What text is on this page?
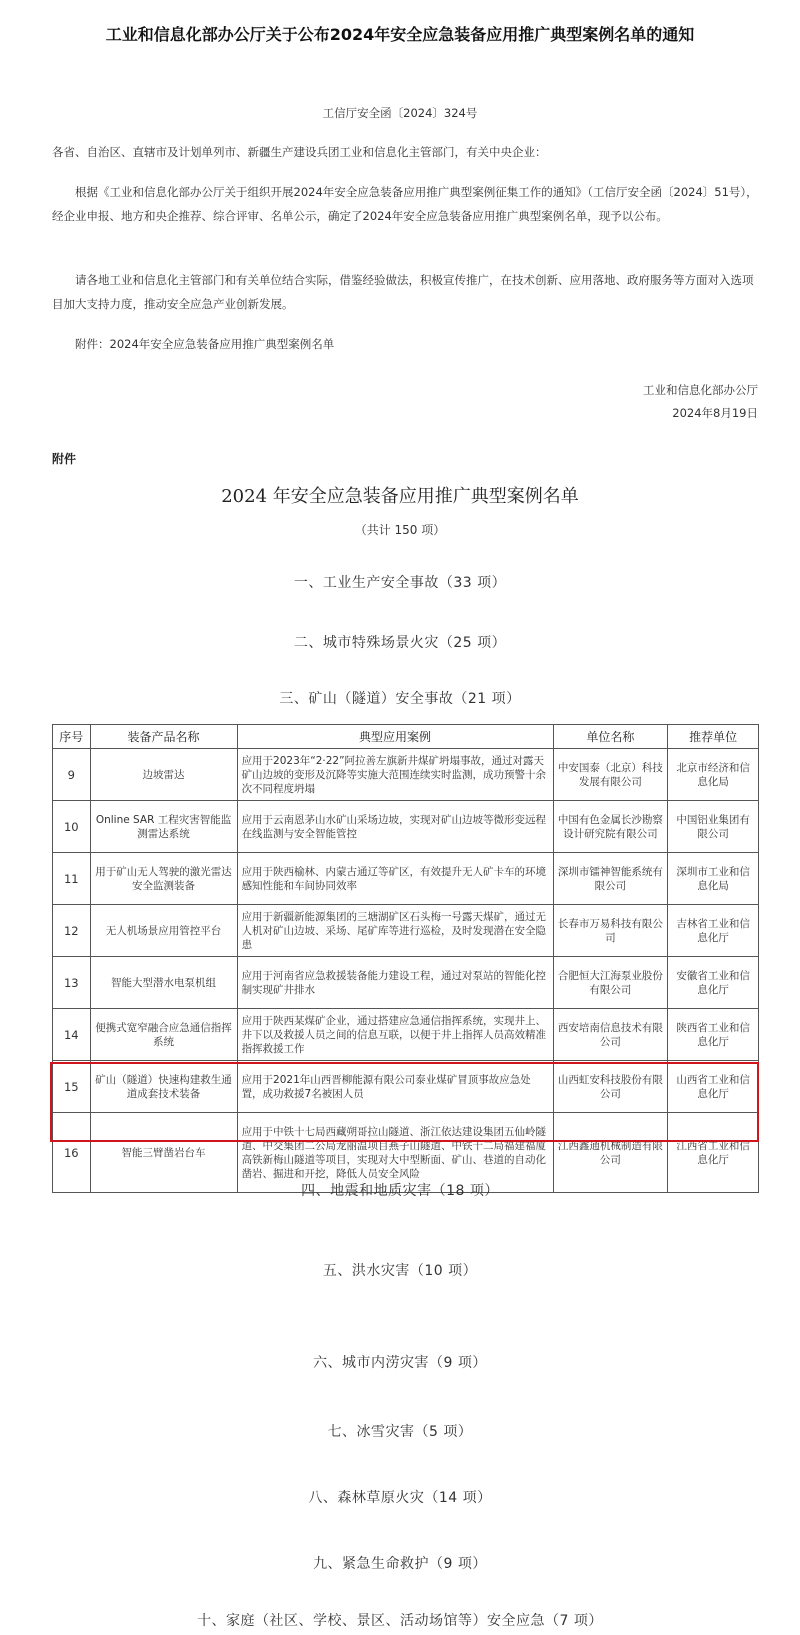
工业和信息化部办公厅关于公布2024年安全应急装备应用推广典型案例名单的通知
工信厅安全函〔2024〕324号
各省、自治区、直辖市及计划单列市、新疆生产建设兵团工业和信息化主管部门，有关中央企业：
根据《工业和信息化部办公厅关于组织开展2024年安全应急装备应用推广典型案例征集工作的通知》（工信厅安全函〔2024〕51号），经企业申报、地方和央企推荐、综合评审、名单公示，确定了2024年安全应急装备应用推广典型案例名单，现予以公布。
请各地工业和信息化主管部门和有关单位结合实际，借鉴经验做法，积极宣传推广，在技术创新、应用落地、政府服务等方面对入选项目加大支持力度，推动安全应急产业创新发展。
附件：2024年安全应急装备应用推广典型案例名单
工业和信息化部办公厅
2024年8月19日
附件
2024 年安全应急装备应用推广典型案例名单
（共计 150 项）
一、工业生产安全事故（33 项）
二、城市特殊场景火灾（25 项）
三、矿山（隧道）安全事故（21 项）
序号	装备产品名称	典型应用案例	单位名称	推荐单位
9	边坡雷达	应用于2023年“2·22”阿拉善左旗新井煤矿坍塌事故，通过对露天矿山边坡的变形及沉降等实施大范围连续实时监测，成功预警十余次不同程度坍塌	中安国泰（北京）科技发展有限公司	北京市经济和信息化局
10	Online SAR 工程灾害智能监测雷达系统	应用于云南恩茅山水矿山采场边坡，实现对矿山边坡等微形变远程在线监测与安全智能管控	中国有色金属长沙勘察设计研究院有限公司	中国铝业集团有限公司
11	用于矿山无人驾驶的激光雷达安全监测装备	应用于陕西榆林、内蒙古通辽等矿区，有效提升无人矿卡车的环境感知性能和车间协同效率	深圳市镭神智能系统有限公司	深圳市工业和信息化局
12	无人机场景应用管控平台	应用于新疆新能源集团的三塘湖矿区石头梅一号露天煤矿，通过无人机对矿山边坡、采场、尾矿库等进行巡检，及时发现潜在安全隐患	长春市万易科技有限公司	吉林省工业和信息化厅
13	智能大型潜水电泵机组	应用于河南省应急救援装备能力建设工程，通过对泵站的智能化控制实现矿井排水	合肥恒大江海泵业股份有限公司	安徽省工业和信息化厅
14	便携式宽窄融合应急通信指挥系统	应用于陕西某煤矿企业，通过搭建应急通信指挥系统，实现井上、井下以及救援人员之间的信息互联，以便于井上指挥人员高效精准指挥救援工作	西安培南信息技术有限公司	陕西省工业和信息化厅
15	矿山（隧道）快速构建救生通道成套技术装备	应用于2021年山西晋柳能源有限公司泰业煤矿冒顶事故应急处置，成功救援7名被困人员	山西虹安科技股份有限公司	山西省工业和信息化厅
16	智能三臂凿岩台车	应用于中铁十七局西藏朔哥拉山隧道、浙江依达建设集团五仙岭隧道、中交集团二公局龙丽温项目燕子山隧道、中铁十二局福建福厦高铁新梅山隧道等项目，实现对大中型断面、矿山、巷道的自动化凿岩、掘进和开挖，降低人员安全风险	江西鑫通机械制造有限公司	江西省工业和信息化厅
四、地震和地质灾害（18 项）
五、洪水灾害（10 项）
六、城市内涝灾害（9 项）
七、冰雪灾害（5 项）
八、森林草原火灾（14 项）
九、紧急生命救护（9 项）
十、家庭（社区、学校、景区、活动场馆等）安全应急（7 项）
